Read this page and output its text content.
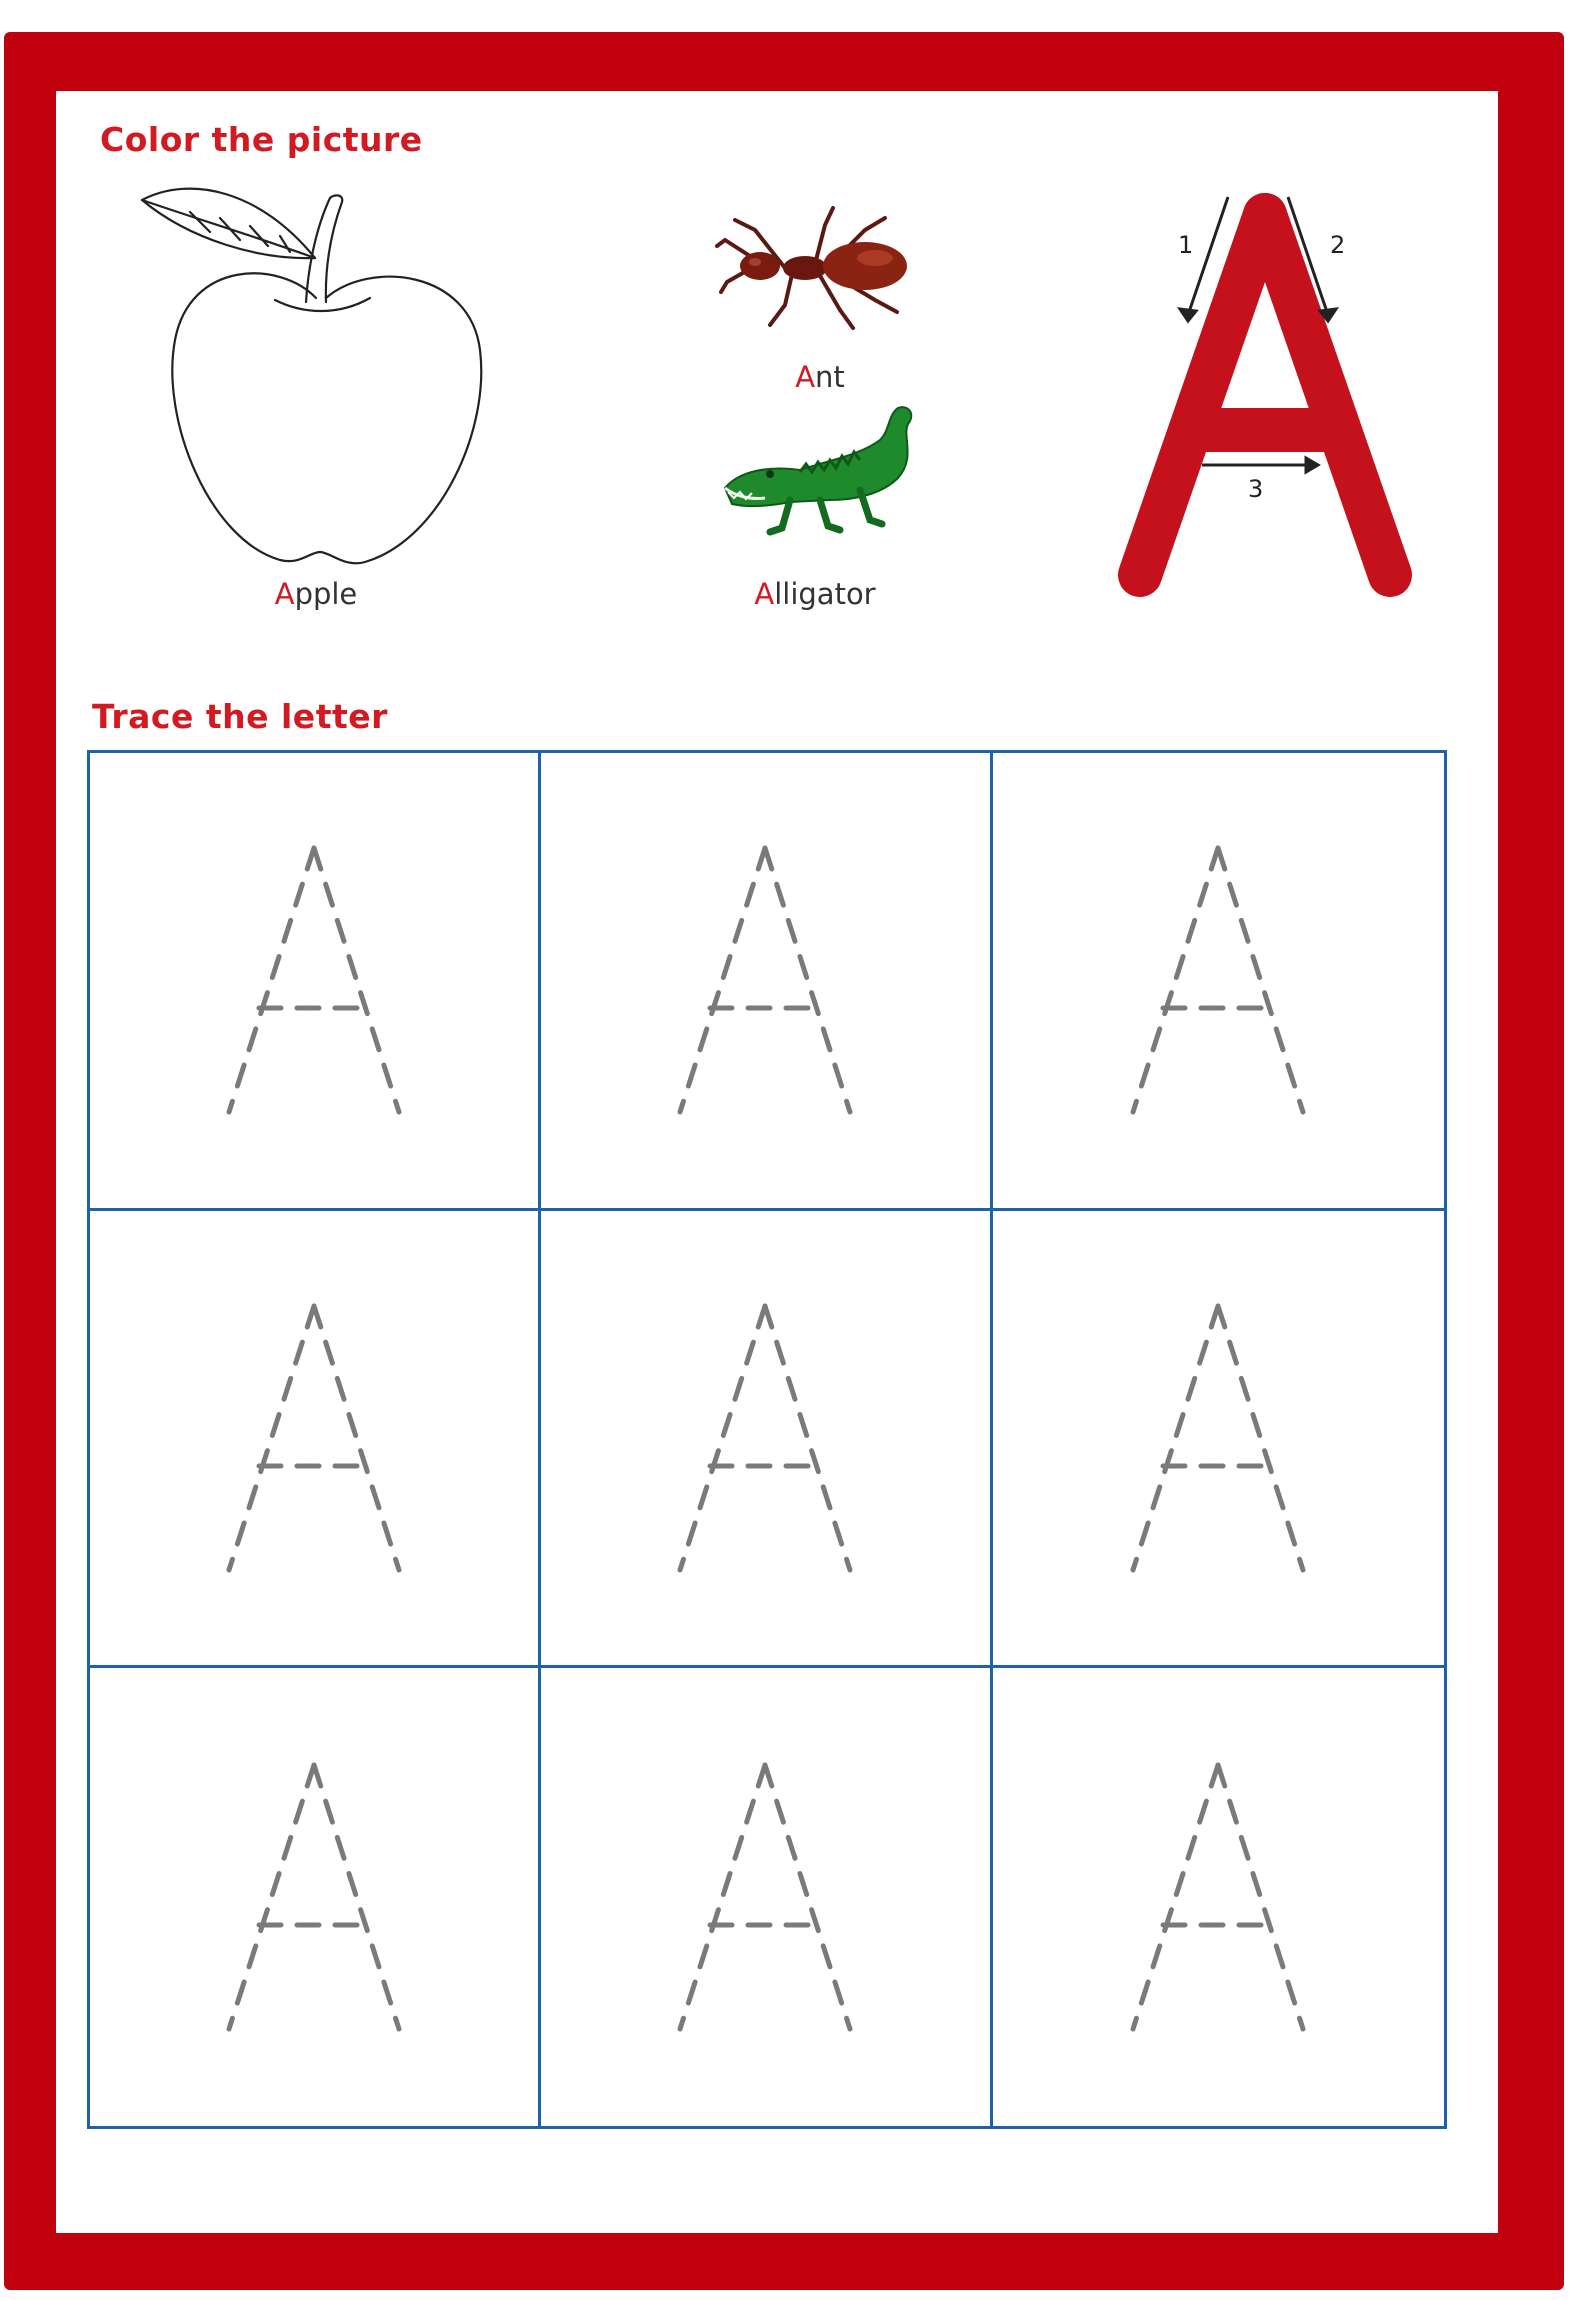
Color the picture
Apple
Ant
Alligator
1	2
3
Trace the letter
